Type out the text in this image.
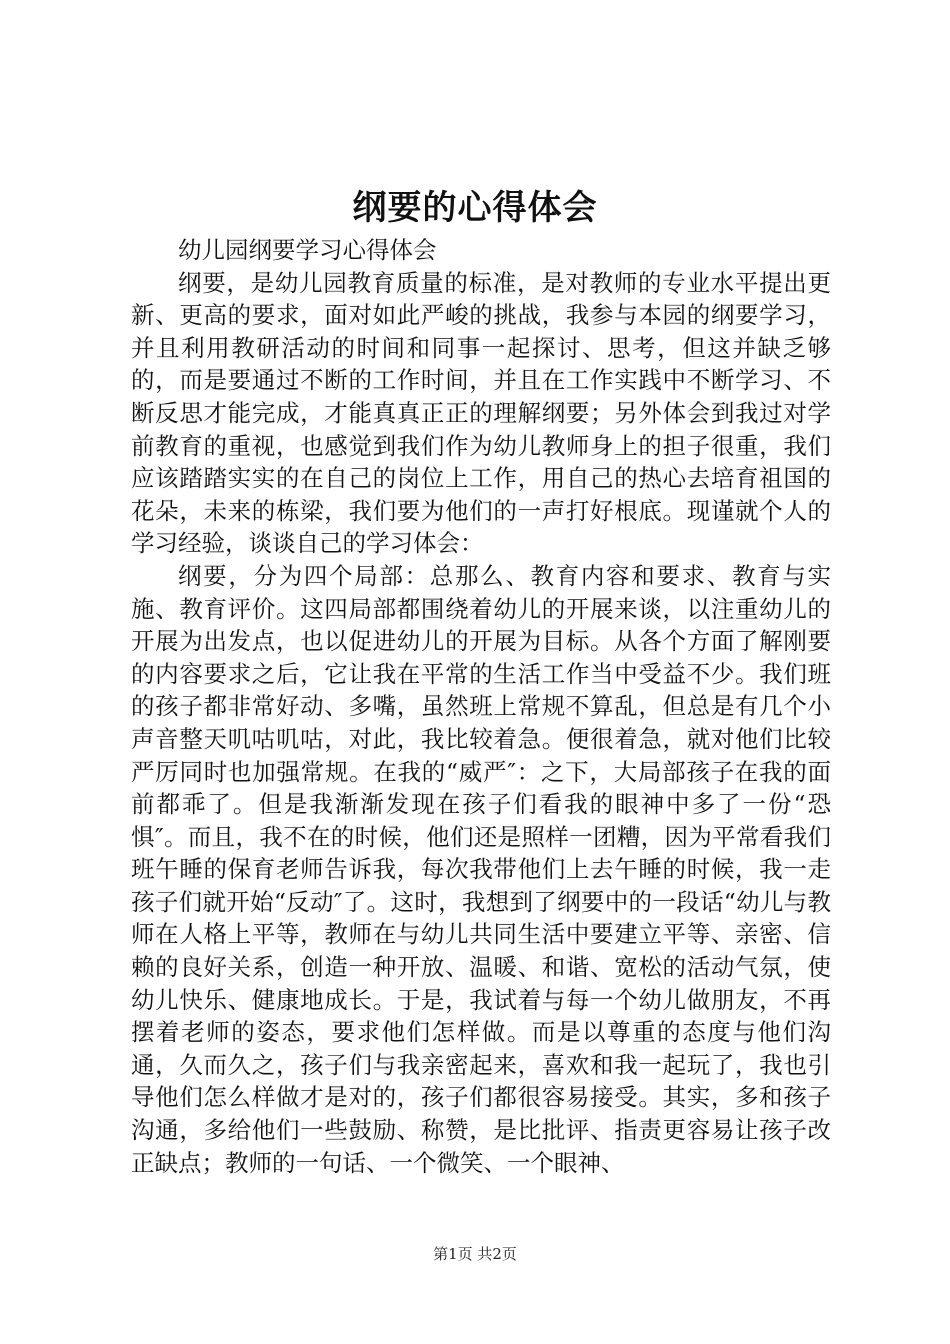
纲要的心得体会

幼儿园纲要学习心得体会

纲要，是幼儿园教育质量的标准，是对教师的专业水平提出更新、更高的要求，面对如此严峻的挑战，我参与本园的纲要学习，并且利用教研活动的时间和同事一起探讨、思考，但这并缺乏够的，而是要通过不断的工作时间，并且在工作实践中不断学习、不断反思才能完成，才能真真正正的理解纲要；另外体会到我过对学前教育的重视，也感觉到我们作为幼儿教师身上的担子很重，我们应该踏踏实实的在自己的岗位上工作，用自己的热心去培育祖国的花朵，未来的栋梁，我们要为他们的一声打好根底。现谨就个人的学习经验，谈谈自己的学习体会：

纲要，分为四个局部：总那么、教育内容和要求、教育与实施、教育评价。这四局部都围绕着幼儿的开展来谈，以注重幼儿的开展为出发点，也以促进幼儿的开展为目标。从各个方面了解刚要的内容要求之后，它让我在平常的生活工作当中受益不少。我们班的孩子都非常好动、多嘴，虽然班上常规不算乱，但总是有几个小声音整天叽咕叽咕，对此，我比较着急。便很着急，就对他们比较严厉同时也加强常规。在我的“威严″：之下，大局部孩子在我的面前都乖了。但是我渐渐发现在孩子们看我的眼神中多了一份“恐惧″。而且，我不在的时候，他们还是照样一团糟，因为平常看我们班午睡的保育老师告诉我，每次我带他们上去午睡的时候，我一走孩子们就开始“反动″了。这时，我想到了纲要中的一段话“幼儿与教师在人格上平等，教师在与幼儿共同生活中要建立平等、亲密、信赖的良好关系，创造一种开放、温暖、和谐、宽松的活动气氛，使幼儿快乐、健康地成长。于是，我试着与每一个幼儿做朋友，不再摆着老师的姿态，要求他们怎样做。而是以尊重的态度与他们沟通，久而久之，孩子们与我亲密起来，喜欢和我一起玩了，我也引导他们怎么样做才是对的，孩子们都很容易接受。其实，多和孩子沟通，多给他们一些鼓励、称赞，是比批评、指责更容易让孩子改正缺点；教师的一句话、一个微笑、一个眼神、

第1页 共2页
